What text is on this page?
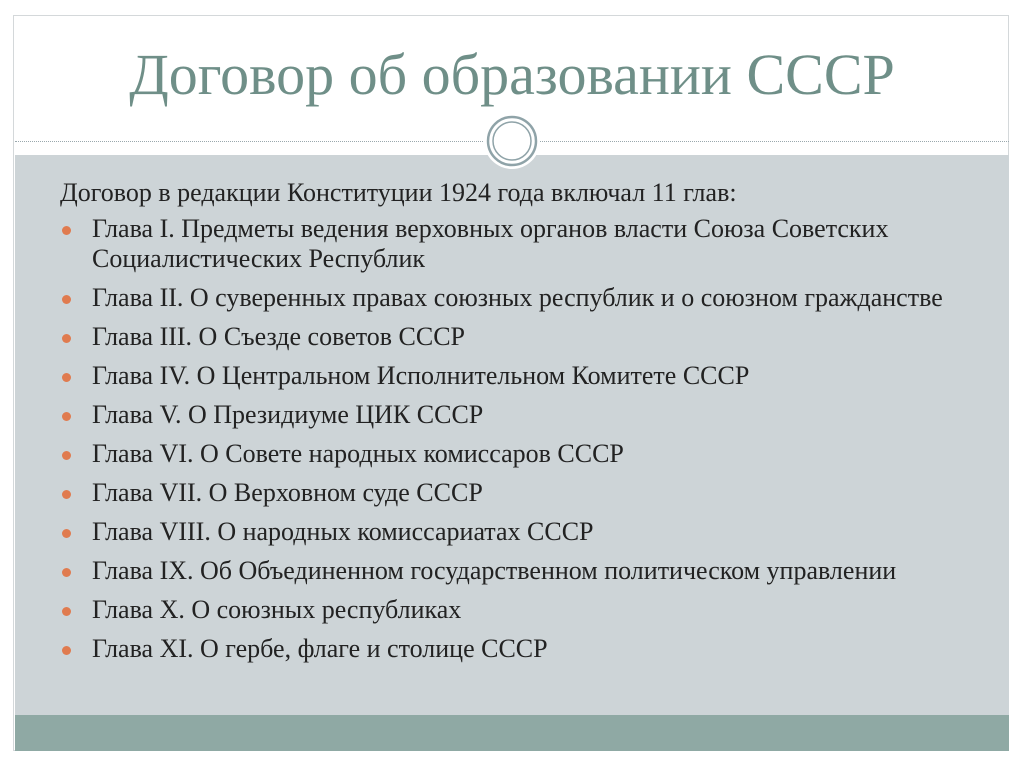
Договор об образовании СССР

Договор в редакции Конституции 1924 года включал 11 глав:

Глава I. Предметы ведения верховных органов власти Союза Советских Социалистических Республик
Глава II. О суверенных правах союзных республик и о союзном гражданстве
Глава III. О Съезде советов СССР
Глава IV. О Центральном Исполнительном Комитете СССР
Глава V. О Президиуме ЦИК СССР
Глава VI. О Совете народных комиссаров СССР
Глава VII. О Верховном суде СССР
Глава VIII. О народных комиссариатах СССР
Глава IX. Об Объединенном государственном политическом управлении
Глава X. О союзных республиках
Глава XI. О гербе, флаге и столице СССР
